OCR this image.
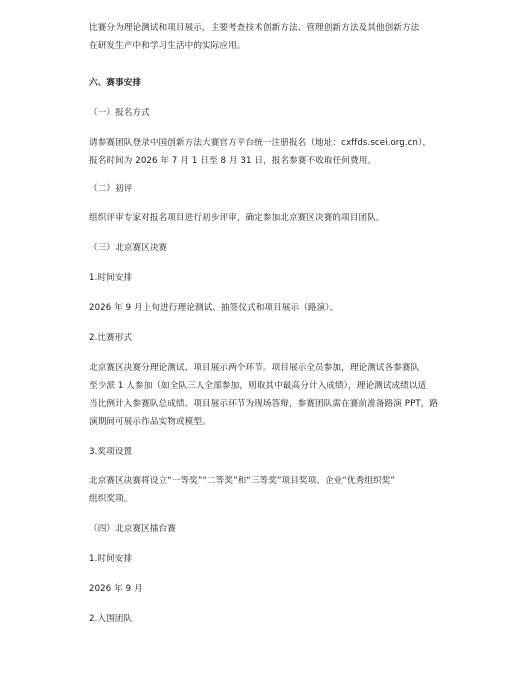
比赛分为理论测试和项目展示，主要考查技术创新方法、管理创新方法及其他创新方法
在研发生产中和学习生活中的实际应用。
六、赛事安排
（一）报名方式
请参赛团队登录中国创新方法大赛官方平台统一注册报名（地址：cxffds.scei.org.cn），
报名时间为 2026 年 7 月 1 日至 8 月 31 日，报名参赛不收取任何费用。
（二）初评
组织评审专家对报名项目进行初步评审，确定参加北京赛区决赛的项目团队。
（三）北京赛区决赛
1.时间安排
2026 年 9 月上旬进行理论测试、抽签仪式和项目展示（路演）。
2.比赛形式
北京赛区决赛分理论测试、项目展示两个环节。项目展示全员参加，理论测试各参赛队
至少派 1 人参加（如全队三人全部参加，则取其中最高分计入成绩），理论测试成绩以适
当比例计入参赛队总成绩。项目展示环节为现场答辩，参赛团队需在赛前准备路演 PPT，路
演期间可展示作品实物或模型。
3.奖项设置
北京赛区决赛将设立“一等奖”“二等奖”和“三等奖”项目奖项、企业“优秀组织奖”
组织奖项。
（四）北京赛区擂台赛
1.时间安排
2026 年 9 月
2.入围团队
